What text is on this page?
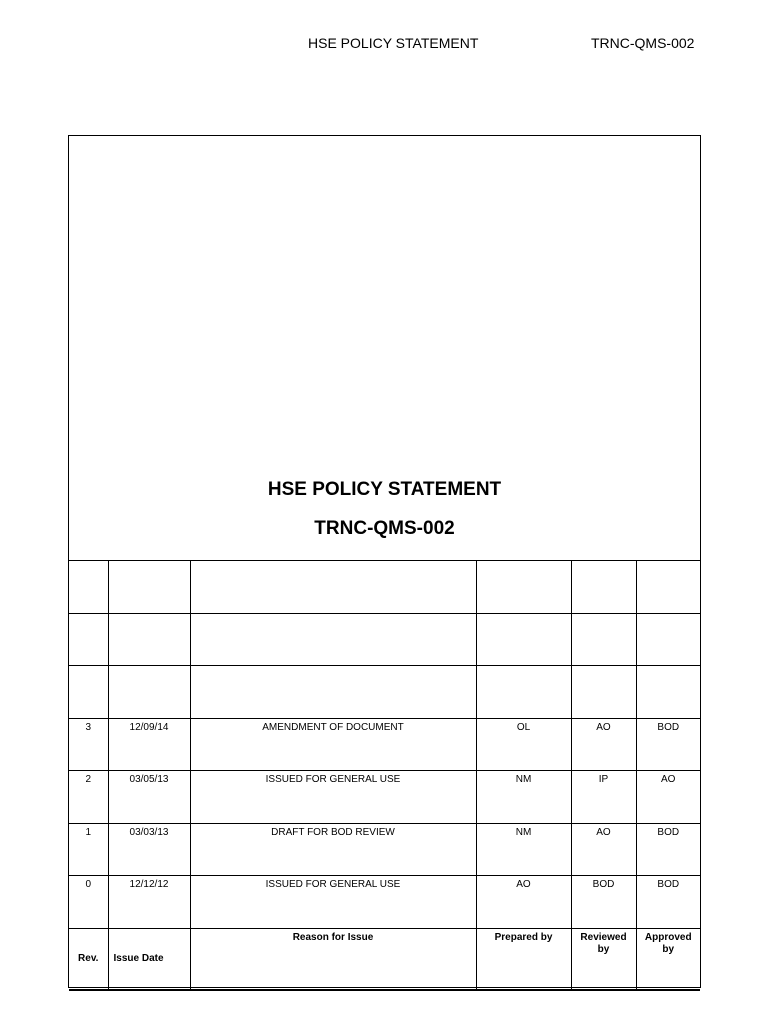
HSE POLICY STATEMENT	TRNC-QMS-002
HSE POLICY STATEMENT
TRNC-QMS-002

3	12/09/14	AMENDMENT OF DOCUMENT	OL	AO	BOD
2	03/05/13	ISSUED FOR GENERAL USE	NM	IP	AO
1	03/03/13	DRAFT FOR BOD REVIEW	NM	AO	BOD
0	12/12/12	ISSUED FOR GENERAL USE	AO	BOD	BOD
Rev.	Issue Date	Reason for Issue	Prepared by	Reviewed by	Approved by
